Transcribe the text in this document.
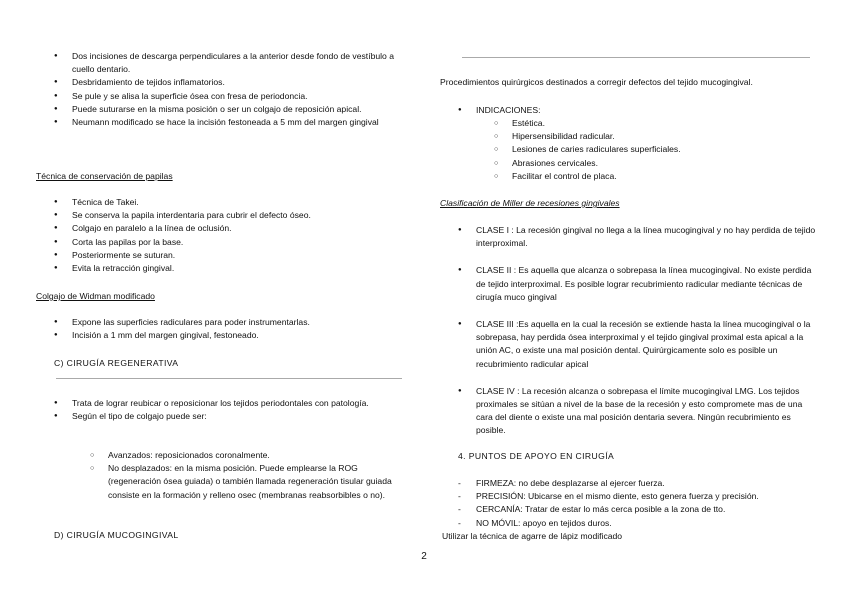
● Dos incisiones de descarga perpendiculares a la anterior desde fondo de vestíbulo a cuello dentario.
● Desbridamiento de tejidos inflamatorios.
● Se pule y se alisa la superficie ósea con fresa de periodoncia.
● Puede suturarse en la misma posición o ser un colgajo de reposición apical.
● Neumann modificado se hace la incisión festoneada a 5 mm del margen gingival
Técnica de conservación de papilas
● Técnica de Takei.
● Se conserva la papila interdentaria para cubrir el defecto óseo.
● Colgajo en paralelo a la línea de oclusión.
● Corta las papilas por la base.
● Posteriormente se suturan.
● Evita la retracción gingival.
Colgajo de Widman modificado
● Expone las superficies radiculares para poder instrumentarlas.
● Incisión a 1 mm del margen gingival, festoneado.
C) CIRUGÍA REGENERATIVA
● Trata de lograr reubicar o reposicionar los tejidos periodontales con patología.
● Según el tipo de colgajo puede ser:
○ Avanzados: reposicionados coronalmente.
○ No desplazados: en la misma posición. Puede emplearse la ROG (regeneración ósea guiada) o también llamada regeneración tisular guiada consiste en la formación y relleno osec (membranas reabsorbibles o no).
D) CIRUGÍA MUCOGINGIVAL
Procedimientos quirúrgicos destinados a corregir defectos del tejido mucogingival.
● INDICACIONES:
○ Estética.
○ Hipersensibilidad radicular.
○ Lesiones de caries radiculares superficiales.
○ Abrasiones cervicales.
○ Facilitar el control de placa.
Clasificación de Miller de recesiones gingivales
● CLASE I : La recesión gingival no llega a la línea mucogingival y no hay perdida de tejido interproximal.
● CLASE II : Es aquella que alcanza o sobrepasa la línea mucogingival. No existe perdida de tejido interproximal. Es posible lograr recubrimiento radicular mediante técnicas de cirugía muco gingival
● CLASE III :Es aquella en la cual la recesión se extiende hasta la línea mucogingival o la sobrepasa, hay perdida ósea interproximal y el tejido gingival proximal esta apical a la unión AC, o existe una mal posición dental. Quirúrgicamente solo es posible un recubrimiento radicular apical
● CLASE IV : La recesión alcanza o sobrepasa el límite mucogingival LMG. Los tejidos proximales se sitúan a nivel de la base de la recesión y esto compromete mas de una cara del diente o existe una mal posición dentaria severa. Ningún recubrimiento es posible.
4. PUNTOS DE APOYO EN CIRUGÍA
- FIRMEZA: no debe desplazarse al ejercer fuerza.
- PRECISIÓN: Ubicarse en el mismo diente, esto genera fuerza y precisión.
- CERCANÍA: Tratar de estar lo más cerca posible a la zona de tto.
- NO MÓVIL: apoyo en tejidos duros.
Utilizar la técnica de agarre de lápiz modificado
2
